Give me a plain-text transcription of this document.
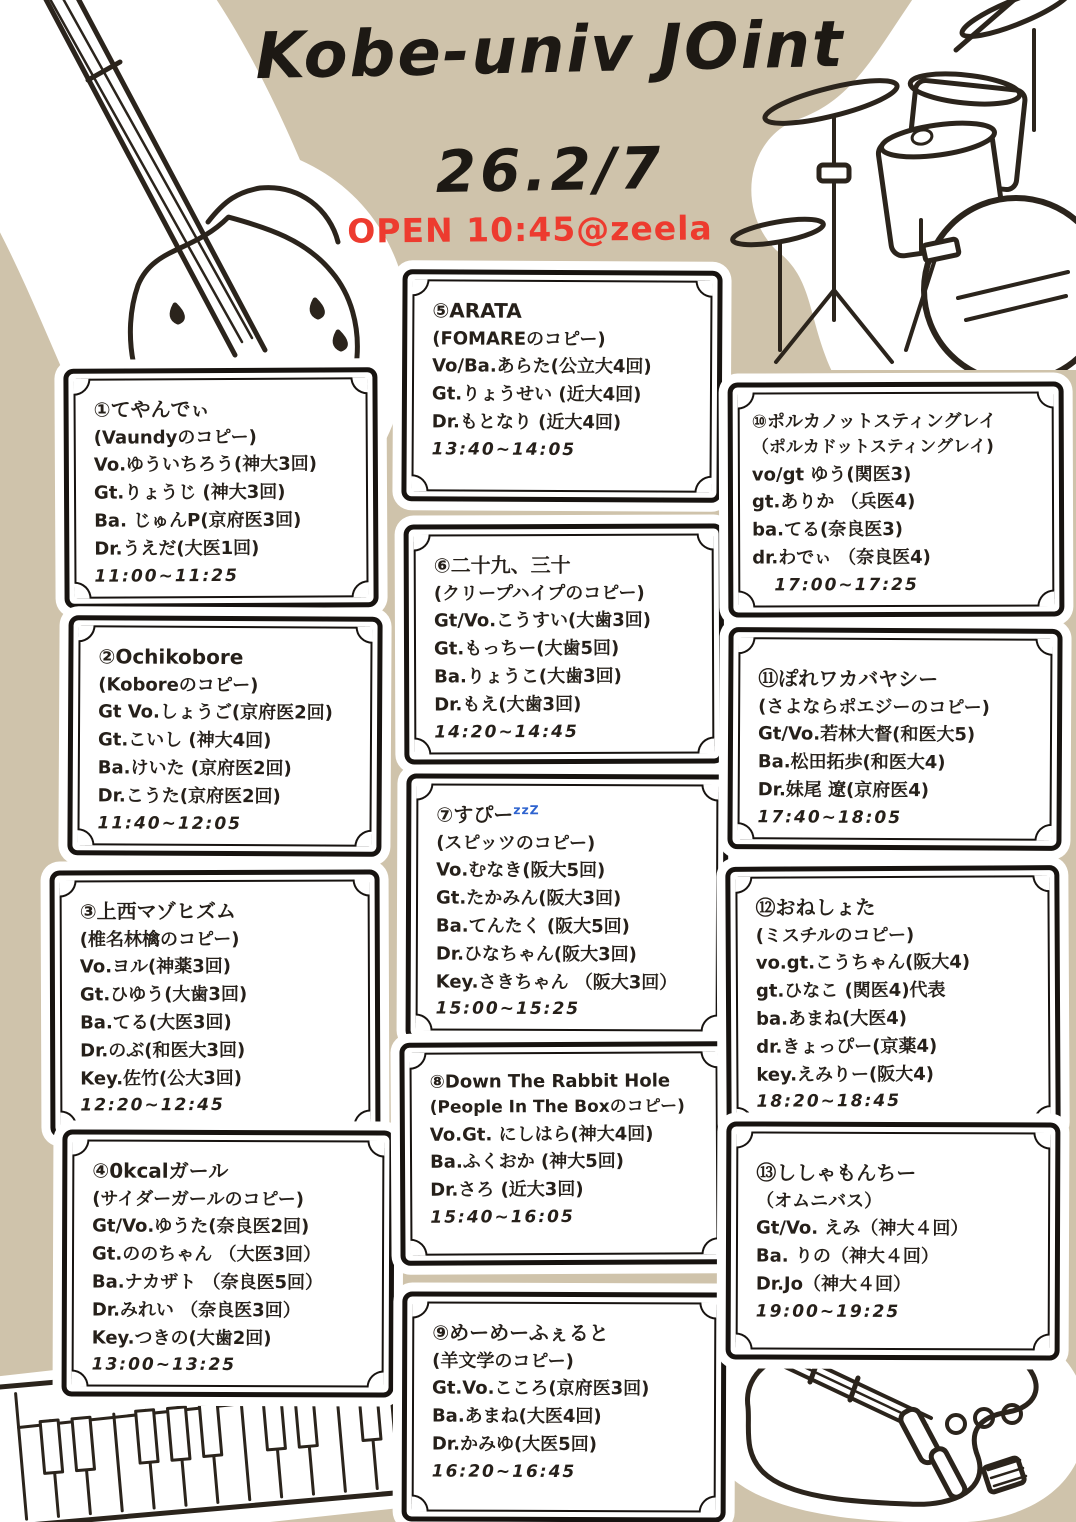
Kobe-univ JOint
26.2/7
OPEN 10:45@zeela
①てやんでぃ
(Vaundyのコピー)
Vo.ゆういちろう(神大3回)
Gt.りょうじ (神大3回)
Ba. じゅんP(京府医3回)
Dr.うえだ(大医1回)
11:00~11:25
②Ochikobore
(Koboreのコピー)
Gt Vo.しょうご(京府医2回)
Gt.こいし (神大4回)
Ba.けいた (京府医2回)
Dr.こうた(京府医2回)
11:40~12:05
③上西マゾヒズム
(椎名林檎のコピー)
Vo.ヨル(神薬3回)
Gt.ひゆう(大歯3回)
Ba.てる(大医3回)
Dr.のぶ(和医大3回)
Key.佐竹(公大3回)
12:20~12:45
④0kcalガール
(サイダーガールのコピー)
Gt/Vo.ゆうた(奈良医2回)
Gt.ののちゃん （大医3回）
Ba.ナカザト （奈良医5回）
Dr.みれい （奈良医3回）
Key.つきの(大歯2回)
13:00~13:25
⑤ARATA
(FOMAREのコピー)
Vo/Ba.あらた(公立大4回)
Gt.りょうせい (近大4回)
Dr.もとなり (近大4回)
13:40~14:05
⑥二十九、三十
(クリープハイプのコピー)
Gt/Vo.こうすい(大歯3回)
Gt.もっちー(大歯5回)
Ba.りょうこ(大歯3回)
Dr.もえ(大歯3回)
14:20~14:45
⑦すぴー$^{zzZ}$
(スピッツのコピー)
Vo.むなき(阪大5回)
Gt.たかみん(阪大3回)
Ba.てんたく (阪大5回)
Dr.ひなちゃん(阪大3回)
Key.さきちゃん （阪大3回）
15:00~15:25
⑧Down The Rabbit Hole
(People In The Boxのコピー)
Vo.Gt. にしはら(神大4回)
Ba.ふくおか (神大5回)
Dr.さろ (近大3回)
15:40~16:05
⑨めーめーふぇると
(羊文学のコピー)
Gt.Vo.こころ(京府医3回)
Ba.あまね(大医4回)
Dr.かみゆ(大医5回)
16:20~16:45
⑩ポルカノットスティングレイ
（ポルカドットスティングレイ)
vo/gt ゆう(関医3)
gt.ありか （兵医4)
ba.てる(奈良医3)
dr.わでぃ （奈良医4)
17:00~17:25
⑪ぽれワカバヤシー
(さよならポエジーのコピー)
Gt/Vo.若林大督(和医大5)
Ba.松田拓歩(和医大4)
Dr.妹尾 遼(京府医4)
17:40~18:05
⑫おねしょた
(ミスチルのコピー)
vo.gt.こうちゃん(阪大4)
gt.ひなこ (関医4)代表
ba.あまね(大医4)
dr.きょっぴー(京薬4)
key.えみりー(阪大4)
18:20~18:45
⑬ししゃもんちー
（オムニバス）
Gt/Vo. えみ（神大４回）
Ba. りの（神大４回）
Dr.Jo（神大４回）
19:00~19:25
